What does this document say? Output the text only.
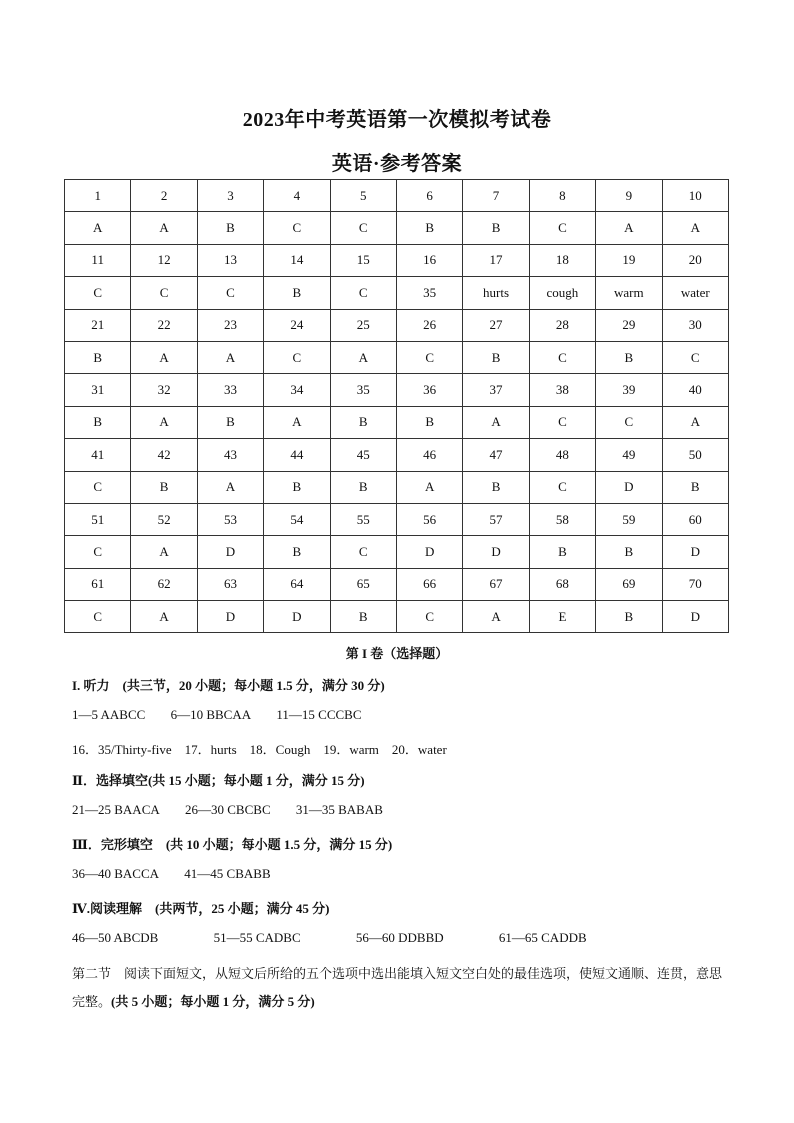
2023年中考英语第一次模拟考试卷
英语·参考答案
1	2	3	4	5	6	7	8	9	10
A	A	B	C	C	B	B	C	A	A
11	12	13	14	15	16	17	18	19	20
C	C	C	B	C	35	hurts	cough	warm	water
21	22	23	24	25	26	27	28	29	30
B	A	A	C	A	C	B	C	B	C
31	32	33	34	35	36	37	38	39	40
B	A	B	A	B	B	A	C	C	A
41	42	43	44	45	46	47	48	49	50
C	B	A	B	B	A	B	C	D	B
51	52	53	54	55	56	57	58	59	60
C	A	D	B	C	D	D	B	B	D
61	62	63	64	65	66	67	68	69	70
C	A	D	D	B	C	A	E	B	D
第 I 卷（选择题）
I. 听力　(共三节，20 小题；每小题 1.5 分，满分 30 分)
1—5 AABCC 6—10 BBCAA 11—15 CCCBC
16．35/Thirty-five　17．hurts　18．Cough　19．warm　20．water
Ⅱ．选择填空(共 15 小题；每小题 1 分，满分 15 分)
21—25 BAACA 26—30 CBCBC 31—35 BABAB
Ⅲ．完形填空　(共 10 小题；每小题 1.5 分，满分 15 分)
36—40 BACCA 41—45 CBABB
Ⅳ.阅读理解　(共两节，25 小题；满分 45 分)
46—50 ABCDB	51—55 CADBC	56—60 DDBBD	61—65 CADDB
第二节　阅读下面短文，从短文后所给的五个选项中选出能填入短文空白处的最佳选项，使短文通顺、连贯，意思完整。(共 5 小题；每小题 1 分，满分 5 分)
